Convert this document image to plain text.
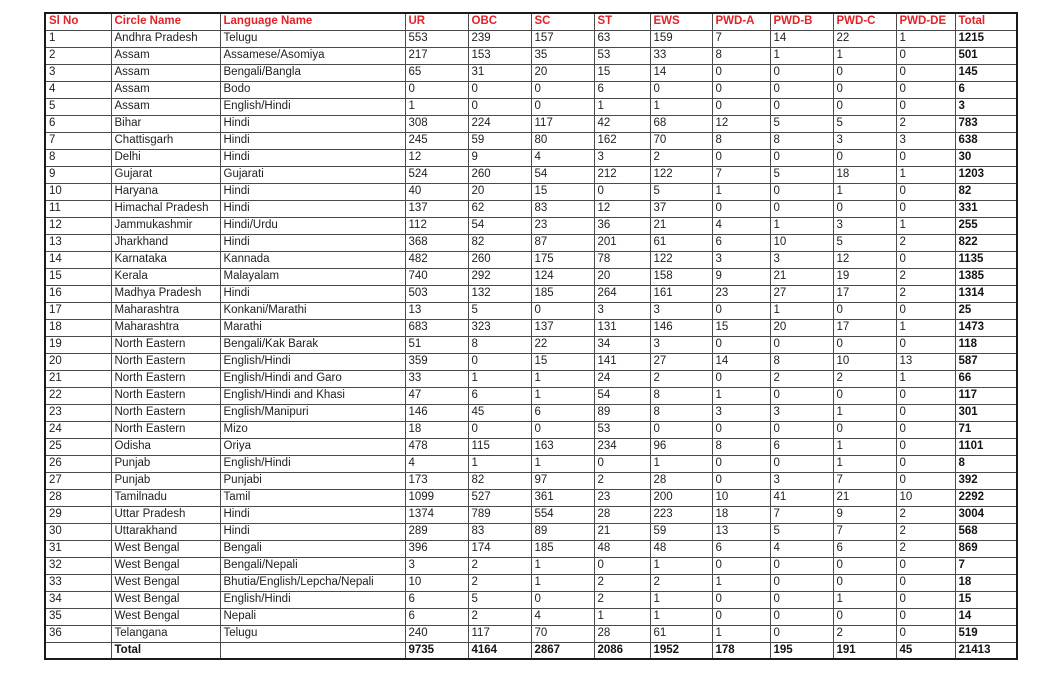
Sl No	Circle Name	Language Name	UR	OBC	SC	ST	EWS	PWD-A	PWD-B	PWD-C	PWD-DE	Total
1	Andhra Pradesh	Telugu	553	239	157	63	159	7	14	22	1	1215
2	Assam	Assamese/Asomiya	217	153	35	53	33	8	1	1	0	501
3	Assam	Bengali/Bangla	65	31	20	15	14	0	0	0	0	145
4	Assam	Bodo	0	0	0	6	0	0	0	0	0	6
5	Assam	English/Hindi	1	0	0	1	1	0	0	0	0	3
6	Bihar	Hindi	308	224	117	42	68	12	5	5	2	783
7	Chattisgarh	Hindi	245	59	80	162	70	8	8	3	3	638
8	Delhi	Hindi	12	9	4	3	2	0	0	0	0	30
9	Gujarat	Gujarati	524	260	54	212	122	7	5	18	1	1203
10	Haryana	Hindi	40	20	15	0	5	1	0	1	0	82
11	Himachal Pradesh	Hindi	137	62	83	12	37	0	0	0	0	331
12	Jammukashmir	Hindi/Urdu	112	54	23	36	21	4	1	3	1	255
13	Jharkhand	Hindi	368	82	87	201	61	6	10	5	2	822
14	Karnataka	Kannada	482	260	175	78	122	3	3	12	0	1135
15	Kerala	Malayalam	740	292	124	20	158	9	21	19	2	1385
16	Madhya Pradesh	Hindi	503	132	185	264	161	23	27	17	2	1314
17	Maharashtra	Konkani/Marathi	13	5	0	3	3	0	1	0	0	25
18	Maharashtra	Marathi	683	323	137	131	146	15	20	17	1	1473
19	North Eastern	Bengali/Kak Barak	51	8	22	34	3	0	0	0	0	118
20	North Eastern	English/Hindi	359	0	15	141	27	14	8	10	13	587
21	North Eastern	English/Hindi and Garo	33	1	1	24	2	0	2	2	1	66
22	North Eastern	English/Hindi and Khasi	47	6	1	54	8	1	0	0	0	117
23	North Eastern	English/Manipuri	146	45	6	89	8	3	3	1	0	301
24	North Eastern	Mizo	18	0	0	53	0	0	0	0	0	71
25	Odisha	Oriya	478	115	163	234	96	8	6	1	0	1101
26	Punjab	English/Hindi	4	1	1	0	1	0	0	1	0	8
27	Punjab	Punjabi	173	82	97	2	28	0	3	7	0	392
28	Tamilnadu	Tamil	1099	527	361	23	200	10	41	21	10	2292
29	Uttar Pradesh	Hindi	1374	789	554	28	223	18	7	9	2	3004
30	Uttarakhand	Hindi	289	83	89	21	59	13	5	7	2	568
31	West Bengal	Bengali	396	174	185	48	48	6	4	6	2	869
32	West Bengal	Bengali/Nepali	3	2	1	0	1	0	0	0	0	7
33	West Bengal	Bhutia/English/Lepcha/Nepali	10	2	1	2	2	1	0	0	0	18
34	West Bengal	English/Hindi	6	5	0	2	1	0	0	1	0	15
35	West Bengal	Nepali	6	2	4	1	1	0	0	0	0	14
36	Telangana	Telugu	240	117	70	28	61	1	0	2	0	519
	Total		9735	4164	2867	2086	1952	178	195	191	45	21413
